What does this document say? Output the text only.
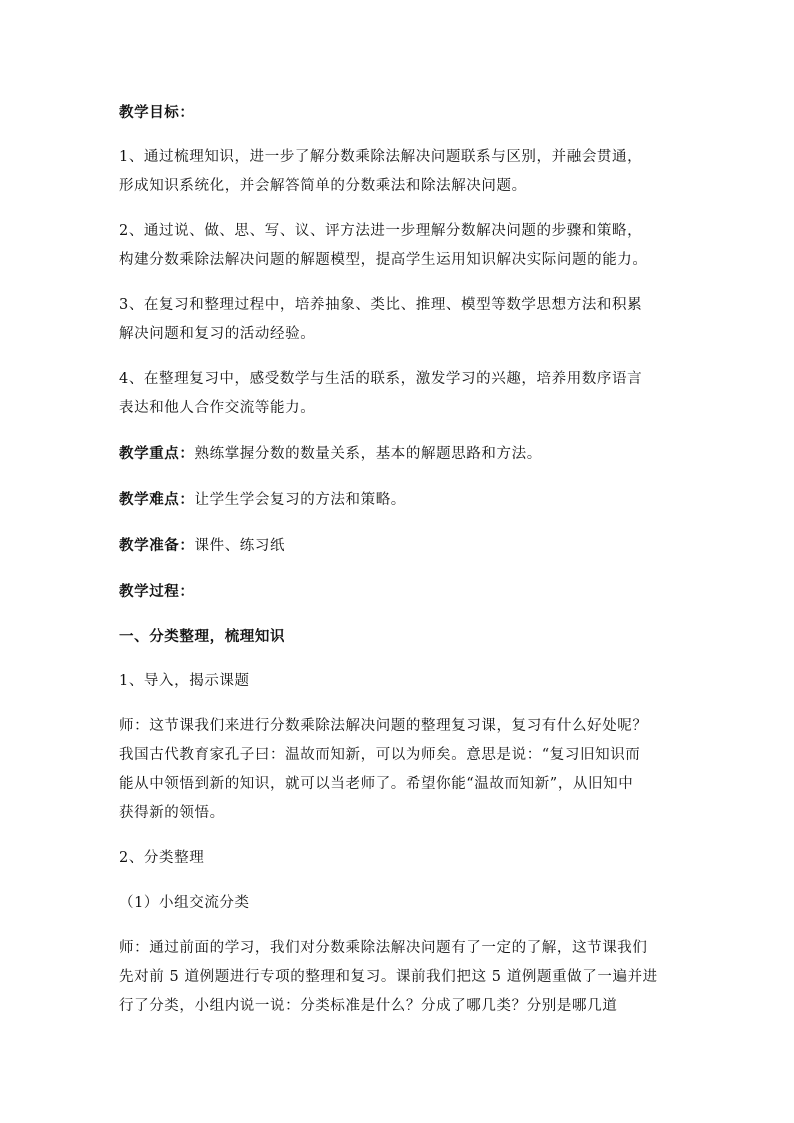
教学目标：

1、通过梳理知识，进一步了解分数乘除法解决问题联系与区别，并融会贯通，

形成知识系统化，并会解答简单的分数乘法和除法解决问题。

2、通过说、做、思、写、议、评方法进一步理解分数解决问题的步骤和策略，

构建分数乘除法解决问题的解题模型，提高学生运用知识解决实际问题的能力。

3、在复习和整理过程中，培养抽象、类比、推理、模型等数学思想方法和积累

解决问题和复习的活动经验。

4、在整理复习中，感受数学与生活的联系，激发学习的兴趣，培养用数序语言

表达和他人合作交流等能力。

教学重点：熟练掌握分数的数量关系，基本的解题思路和方法。

教学难点：让学生学会复习的方法和策略。

教学准备：课件、练习纸

教学过程：

一、分类整理，梳理知识

1、导入，揭示课题

师：这节课我们来进行分数乘除法解决问题的整理复习课，复习有什么好处呢？

我国古代教育家孔子曰：温故而知新，可以为师矣。意思是说：“复习旧知识而

能从中领悟到新的知识，就可以当老师了。希望你能“温故而知新”，从旧知中

获得新的领悟。

2、分类整理

（1）小组交流分类

师：通过前面的学习，我们对分数乘除法解决问题有了一定的了解，这节课我们

先对前 5 道例题进行专项的整理和复习。课前我们把这 5 道例题重做了一遍并进

行了分类，小组内说一说：分类标准是什么？分成了哪几类？分别是哪几道
